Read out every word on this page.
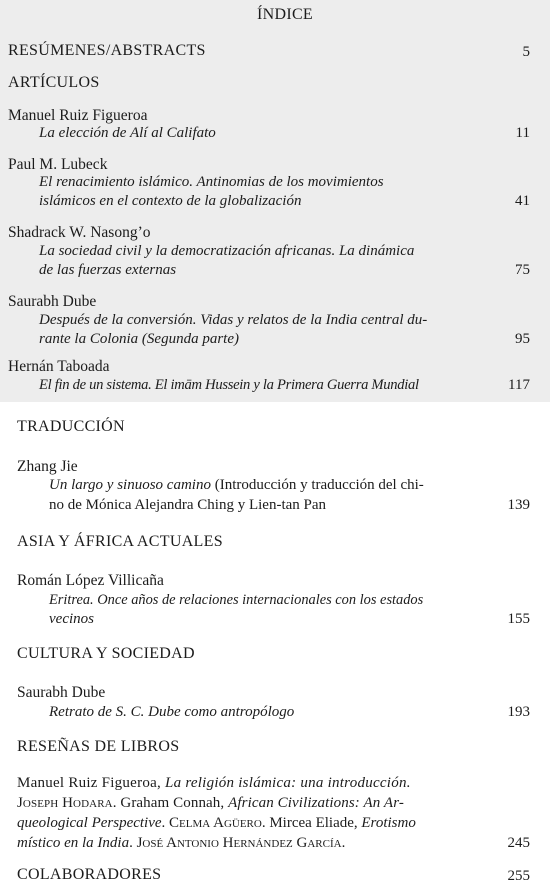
ÍNDICE
RESÚMENES/ABSTRACTS	5
ARTÍCULOS
Manuel Ruiz Figueroa
La elección de Alí al Califato	11
Paul M. Lubeck
El renacimiento islámico. Antinomias de los movimientos
islámicos en el contexto de la globalización	41
Shadrack W. Nasong’o
La sociedad civil y la democratización africanas. La dinámica
de las fuerzas externas	75
Saurabh Dube
Después de la conversión. Vidas y relatos de la India central du-
rante la Colonia (Segunda parte)	95
Hernán Taboada
El fin de un sistema. El imām Hussein y la Primera Guerra Mundial	117
TRADUCCIÓN
Zhang Jie
Un largo y sinuoso camino (Introducción y traducción del chi-
no de Mónica Alejandra Ching y Lien-tan Pan	139
ASIA Y ÁFRICA ACTUALES
Román López Villicaña
Eritrea. Once años de relaciones internacionales con los estados
vecinos	155
CULTURA Y SOCIEDAD
Saurabh Dube
Retrato de S. C. Dube como antropólogo	193
RESEÑAS DE LIBROS
Manuel Ruiz Figueroa, La religión islámica: una introducción.
Joseph Hodara. Graham Connah, African Civilizations: An Ar-
queological Perspective. Celma Agüero. Mircea Eliade, Erotismo
místico en la India. José Antonio Hernández García.	245
COLABORADORES	255
